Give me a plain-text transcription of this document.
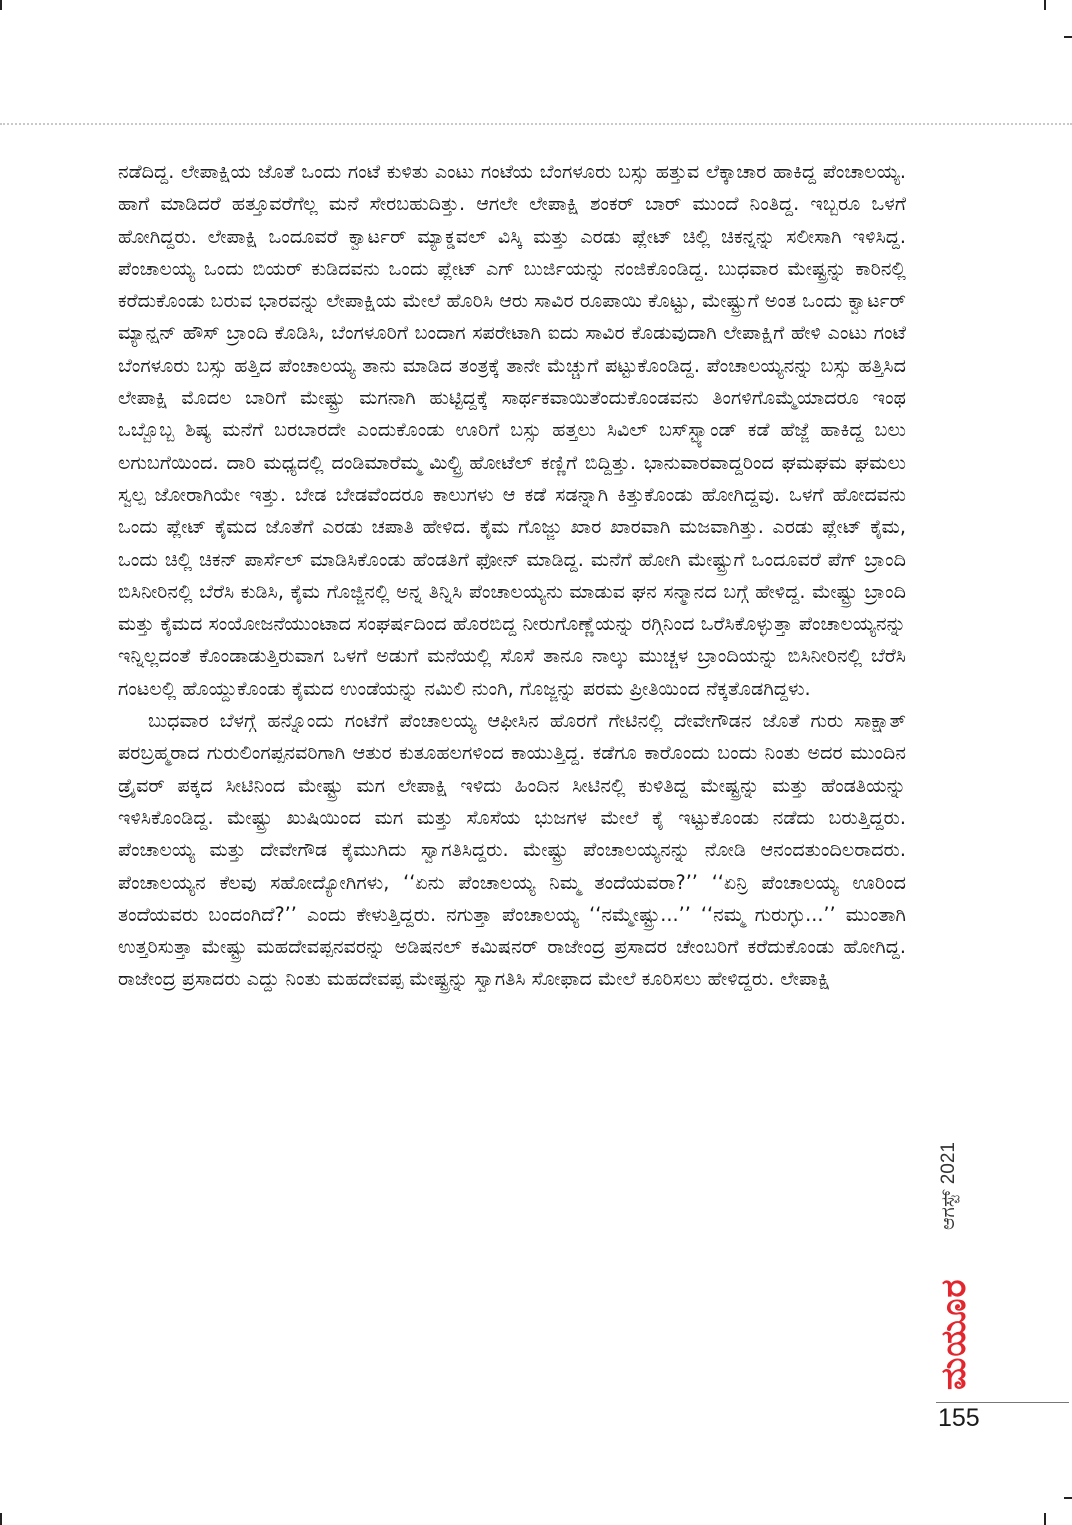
ನಡೆದಿದ್ದ. ಲೇಪಾಕ್ಷಿಯ ಜೊತೆ ಒಂದು ಗಂಟೆ ಕುಳಿತು ಎಂಟು ಗಂಟೆಯ ಬೆಂಗಳೂರು ಬಸ್ಸು ಹತ್ತುವ ಲೆಕ್ಕಾಚಾರ ಹಾಕಿದ್ದ ಪೆಂಚಾಲಯ್ಯ. ಹಾಗೆ ಮಾಡಿದರೆ ಹತ್ತೂವರೆಗೆಲ್ಲ ಮನೆ ಸೇರಬಹುದಿತ್ತು. ಆಗಲೇ ಲೇಪಾಕ್ಷಿ ಶಂಕರ್ ಬಾರ್ ಮುಂದೆ ನಿಂತಿದ್ದ. ಇಬ್ಬರೂ ಒಳಗೆ ಹೋಗಿದ್ದರು. ಲೇಪಾಕ್ಷಿ ಒಂದೂವರೆ ಕ್ವಾರ್ಟರ್ ಮ್ಯಾಕ್ಡವಲ್ ವಿಸ್ಕಿ ಮತ್ತು ಎರಡು ಪ್ಲೇಟ್ ಚಿಲ್ಲಿ ಚಿಕನ್ನನ್ನು ಸಲೀಸಾಗಿ ಇಳಿಸಿದ್ದ. ಪೆಂಚಾಲಯ್ಯ ಒಂದು ಬಿಯರ್ ಕುಡಿದವನು ಒಂದು ಪ್ಲೇಟ್ ಎಗ್ ಬುರ್ಜಿಯನ್ನು ನಂಜಿಕೊಂಡಿದ್ದ. ಬುಧವಾರ ಮೇಷ್ಟ್ರನ್ನು ಕಾರಿನಲ್ಲಿ ಕರೆದುಕೊಂಡು ಬರುವ ಭಾರವನ್ನು ಲೇಪಾಕ್ಷಿಯ ಮೇಲೆ ಹೊರಿಸಿ ಆರು ಸಾವಿರ ರೂಪಾಯಿ ಕೊಟ್ಟು, ಮೇಷ್ಟ್ರುಗೆ ಅಂತ ಒಂದು ಕ್ವಾರ್ಟರ್ ಮ್ಯಾನ್ಷನ್ ಹೌಸ್ ಬ್ರಾಂದಿ ಕೊಡಿಸಿ, ಬೆಂಗಳೂರಿಗೆ ಬಂದಾಗ ಸಪರೇಟಾಗಿ ಐದು ಸಾವಿರ ಕೊಡುವುದಾಗಿ ಲೇಪಾಕ್ಷಿಗೆ ಹೇಳಿ ಎಂಟು ಗಂಟೆ ಬೆಂಗಳೂರು ಬಸ್ಸು ಹತ್ತಿದ ಪೆಂಚಾಲಯ್ಯ ತಾನು ಮಾಡಿದ ತಂತ್ರಕ್ಕೆ ತಾನೇ ಮೆಚ್ಚುಗೆ ಪಟ್ಟುಕೊಂಡಿದ್ದ. ಪೆಂಚಾಲಯ್ಯನನ್ನು ಬಸ್ಸು ಹತ್ತಿಸಿದ ಲೇಪಾಕ್ಷಿ ಮೊದಲ ಬಾರಿಗೆ ಮೇಷ್ಟ್ರು ಮಗನಾಗಿ ಹುಟ್ಟಿದ್ದಕ್ಕೆ ಸಾರ್ಥಕವಾಯಿತೆಂದುಕೊಂಡವನು ತಿಂಗಳಿಗೊಮ್ಮೆಯಾದರೂ ಇಂಥ ಒಬ್ಬೊಬ್ಬ ಶಿಷ್ಯ ಮನೆಗೆ ಬರಬಾರದೇ ಎಂದುಕೊಂಡು ಊರಿಗೆ ಬಸ್ಸು ಹತ್ತಲು ಸಿವಿಲ್ ಬಸ್‌ಸ್ಟ್ಯಾಂಡ್ ಕಡೆ ಹೆಜ್ಜೆ ಹಾಕಿದ್ದ ಬಲು ಲಗುಬಗೆಯಿಂದ. ದಾರಿ ಮಧ್ಯದಲ್ಲಿ ದಂಡಿಮಾರೆಮ್ಮ ಮಿಲ್ಟ್ರಿ ಹೋಟೆಲ್ ಕಣ್ಣಿಗೆ ಬಿದ್ದಿತ್ತು. ಭಾನುವಾರವಾದ್ದರಿಂದ ಘಮಘಮ ಘಮಲು ಸ್ವಲ್ಪ ಜೋರಾಗಿಯೇ ಇತ್ತು. ಬೇಡ ಬೇಡವೆಂದರೂ ಕಾಲುಗಳು ಆ ಕಡೆ ಸಡನ್ನಾಗಿ ಕಿತ್ತುಕೊಂಡು ಹೋಗಿದ್ದವು. ಒಳಗೆ ಹೋದವನು ಒಂದು ಪ್ಲೇಟ್ ಕೈಮದ ಜೊತೆಗೆ ಎರಡು ಚಪಾತಿ ಹೇಳಿದ. ಕೈಮ ಗೊಜ್ಜು ಖಾರ ಖಾರವಾಗಿ ಮಜವಾಗಿತ್ತು. ಎರಡು ಪ್ಲೇಟ್ ಕೈಮ, ಒಂದು ಚಿಲ್ಲಿ ಚಿಕನ್ ಪಾರ್ಸೆಲ್ ಮಾಡಿಸಿಕೊಂಡು ಹೆಂಡತಿಗೆ ಫೋನ್ ಮಾಡಿದ್ದ. ಮನೆಗೆ ಹೋಗಿ ಮೇಷ್ಟ್ರುಗೆ ಒಂದೂವರೆ ಪೆಗ್ ಬ್ರಾಂದಿ ಬಿಸಿನೀರಿನಲ್ಲಿ ಬೆರೆಸಿ ಕುಡಿಸಿ, ಕೈಮ ಗೊಜ್ಜಿನಲ್ಲಿ ಅನ್ನ ತಿನ್ನಿಸಿ ಪೆಂಚಾಲಯ್ಯನು ಮಾಡುವ ಘನ ಸನ್ಮಾನದ ಬಗ್ಗೆ ಹೇಳಿದ್ದ. ಮೇಷ್ಟ್ರು ಬ್ರಾಂದಿ ಮತ್ತು ಕೈಮದ ಸಂಯೋಜನೆಯುಂಟಾದ ಸಂಘರ್ಷದಿಂದ ಹೊರಬಿದ್ದ ನೀರುಗೊಣ್ಣೆಯನ್ನು ರಗ್ಗಿನಿಂದ ಒರೆಸಿಕೊಳ್ಳುತ್ತಾ ಪೆಂಚಾಲಯ್ಯನನ್ನು ಇನ್ನಿಲ್ಲದಂತೆ ಕೊಂಡಾಡುತ್ತಿರುವಾಗ ಒಳಗೆ ಅಡುಗೆ ಮನೆಯಲ್ಲಿ ಸೊಸೆ ತಾನೂ ನಾಲ್ಕು ಮುಚ್ಚಳ ಬ್ರಾಂದಿಯನ್ನು ಬಿಸಿನೀರಿನಲ್ಲಿ ಬೆರೆಸಿ ಗಂಟಲಲ್ಲಿ ಹೊಯ್ದುಕೊಂಡು ಕೈಮದ ಉಂಡೆಯನ್ನು ನಮಿಲಿ ನುಂಗಿ, ಗೊಜ್ಜನ್ನು ಪರಮ ಪ್ರೀತಿಯಿಂದ ನೆಕ್ಕತೊಡಗಿದ್ದಳು.

ಬುಧವಾರ ಬೆಳಗ್ಗೆ ಹನ್ನೊಂದು ಗಂಟೆಗೆ ಪೆಂಚಾಲಯ್ಯ ಆಫೀಸಿನ ಹೊರಗೆ ಗೇಟಿನಲ್ಲಿ ದೇವೇಗೌಡನ ಜೊತೆ ಗುರು ಸಾಕ್ಷಾತ್ ಪರಬ್ರಹ್ಮರಾದ ಗುರುಲಿಂಗಪ್ಪನವರಿಗಾಗಿ ಆತುರ ಕುತೂಹಲಗಳಿಂದ ಕಾಯುತ್ತಿದ್ದ. ಕಡೆಗೂ ಕಾರೊಂದು ಬಂದು ನಿಂತು ಅದರ ಮುಂದಿನ ಡ್ರೈವರ್ ಪಕ್ಕದ ಸೀಟಿನಿಂದ ಮೇಷ್ಟ್ರು ಮಗ ಲೇಪಾಕ್ಷಿ ಇಳಿದು ಹಿಂದಿನ ಸೀಟಿನಲ್ಲಿ ಕುಳಿತಿದ್ದ ಮೇಷ್ಟ್ರನ್ನು ಮತ್ತು ಹೆಂಡತಿಯನ್ನು ಇಳಿಸಿಕೊಂಡಿದ್ದ. ಮೇಷ್ಟ್ರು ಖುಷಿಯಿಂದ ಮಗ ಮತ್ತು ಸೊಸೆಯ ಭುಜಗಳ ಮೇಲೆ ಕೈ ಇಟ್ಟುಕೊಂಡು ನಡೆದು ಬರುತ್ತಿದ್ದರು. ಪೆಂಚಾಲಯ್ಯ ಮತ್ತು ದೇವೇಗೌಡ ಕೈಮುಗಿದು ಸ್ವಾಗತಿಸಿದ್ದರು. ಮೇಷ್ಟ್ರು ಪೆಂಚಾಲಯ್ಯನನ್ನು ನೋಡಿ ಆನಂದತುಂದಿಲರಾದರು. ಪೆಂಚಾಲಯ್ಯನ ಕೆಲವು ಸಹೋದ್ಯೋಗಿಗಳು, ‘‘ಏನು ಪೆಂಚಾಲಯ್ಯ ನಿಮ್ಮ ತಂದೆಯವರಾ?’’ ‘‘ಏನ್ರಿ ಪೆಂಚಾಲಯ್ಯ ಊರಿಂದ ತಂದೆಯವರು ಬಂದಂಗಿದೆ?’’ ಎಂದು ಕೇಳುತ್ತಿದ್ದರು. ನಗುತ್ತಾ ಪೆಂಚಾಲಯ್ಯ ‘‘ನಮ್ಮೇಷ್ಟ್ರು...’’ ‘‘ನಮ್ಮ ಗುರುಗ್ಳು...’’ ಮುಂತಾಗಿ ಉತ್ತರಿಸುತ್ತಾ ಮೇಷ್ಟ್ರು ಮಹದೇವಪ್ಪನವರನ್ನು ಅಡಿಷನಲ್ ಕಮಿಷನರ್ ರಾಜೇಂದ್ರ ಪ್ರಸಾದರ ಚೇಂಬರಿಗೆ ಕರೆದುಕೊಂಡು ಹೋಗಿದ್ದ. ರಾಜೇಂದ್ರ ಪ್ರಸಾದರು ಎದ್ದು ನಿಂತು ಮಹದೇವಪ್ಪ ಮೇಷ್ಟ್ರನ್ನು ಸ್ವಾಗತಿಸಿ ಸೋಫಾದ ಮೇಲೆ ಕೂರಿಸಲು ಹೇಳಿದ್ದರು. ಲೇಪಾಕ್ಷಿ

ಆಗಸ್ಟ್ 2021
ಮಯೂರ
155
